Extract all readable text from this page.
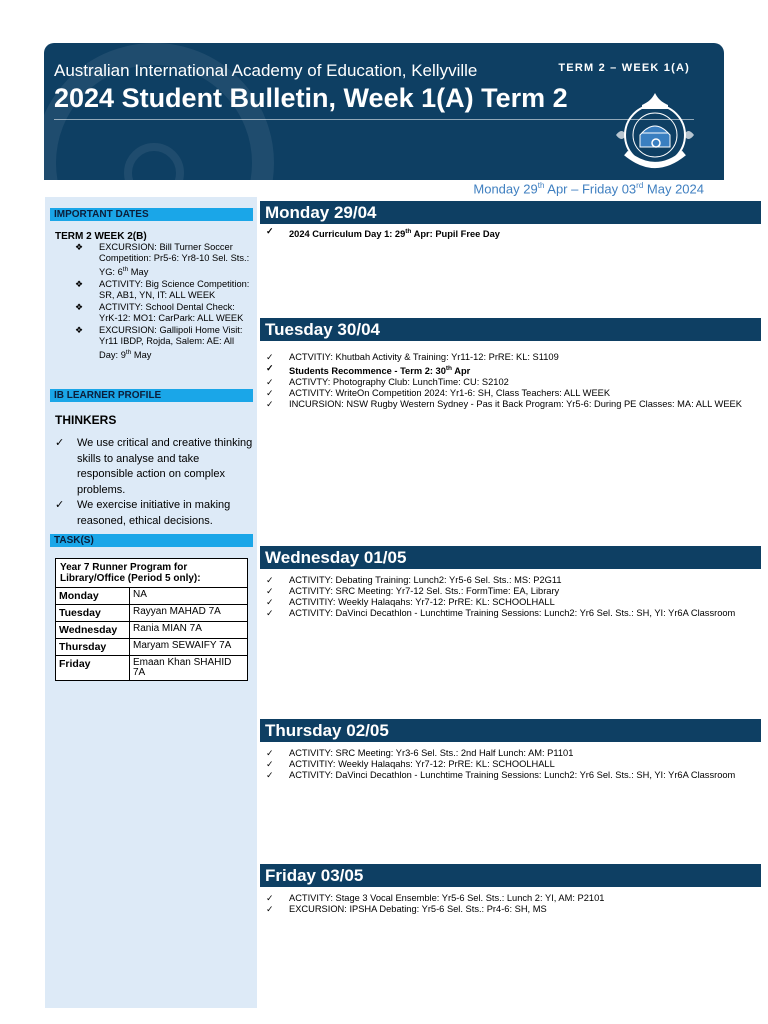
Australian International Academy of Education, Kellyville	TERM 2 – WEEK 1(A)
2024 Student Bulletin, Week 1(A) Term 2
Monday 29th Apr – Friday 03rd May 2024
IMPORTANT DATES
TERM 2 WEEK 2(B)
❖ EXCURSION: Bill Turner Soccer Competition: Pr5-6: Yr8-10 Sel. Sts.: YG: 6th May
❖ ACTIVITY: Big Science Competition: SR, AB1, YN, IT: ALL WEEK
❖ ACTIVITY: School Dental Check: YrK-12: MO1: CarPark: ALL WEEK
❖ EXCURSION: Gallipoli Home Visit: Yr11 IBDP, Rojda, Salem: AE: All Day: 9th May
IB LEARNER PROFILE
THINKERS
✓ We use critical and creative thinking skills to analyse and take responsible action on complex problems.
✓ We exercise initiative in making reasoned, ethical decisions.
TASK(S)
Year 7 Runner Program for Library/Office (Period 5 only):	
Monday	NA
Tuesday	Rayyan MAHAD 7A
Wednesday	Rania MIAN 7A
Thursday	Maryam SEWAIFY 7A
Friday	Emaan Khan SHAHID 7A
Monday 29/04
✓ 2024 Curriculum Day 1: 29th Apr: Pupil Free Day
Tuesday 30/04
✓ ACTVITIY: Khutbah Activity & Training: Yr11-12: PrRE: KL: S1109
✓ Students Recommence - Term 2: 30th Apr
✓ ACTIVTY: Photography Club: LunchTime: CU: S2102
✓ ACTIVITY: WriteOn Competition 2024: Yr1-6: SH, Class Teachers: ALL WEEK
✓ INCURSION: NSW Rugby Western Sydney - Pas it Back Program: Yr5-6: During PE Classes: MA: ALL WEEK
Wednesday 01/05
✓ ACTIVITY: Debating Training: Lunch2: Yr5-6 Sel. Sts.: MS: P2G11
✓ ACTIVITY: SRC Meeting: Yr7-12 Sel. Sts.: FormTime: EA, Library
✓ ACTIVITIY: Weekly Halaqahs: Yr7-12: PrRE: KL: SCHOOLHALL
✓ ACTIVITY: DaVinci Decathlon - Lunchtime Training Sessions: Lunch2: Yr6 Sel. Sts.: SH, YI: Yr6A Classroom
Thursday 02/05
✓ ACTIVITY: SRC Meeting: Yr3-6 Sel. Sts.: 2nd Half Lunch: AM: P1101
✓ ACTIVITIY: Weekly Halaqahs: Yr7-12: PrRE: KL: SCHOOLHALL
✓ ACTIVITY: DaVinci Decathlon - Lunchtime Training Sessions: Lunch2: Yr6 Sel. Sts.: SH, YI: Yr6A Classroom
Friday 03/05
✓ ACTIVITY: Stage 3 Vocal Ensemble: Yr5-6 Sel. Sts.: Lunch 2: YI, AM: P2101
✓ EXCURSION: IPSHA Debating: Yr5-6 Sel. Sts.: Pr4-6: SH, MS
